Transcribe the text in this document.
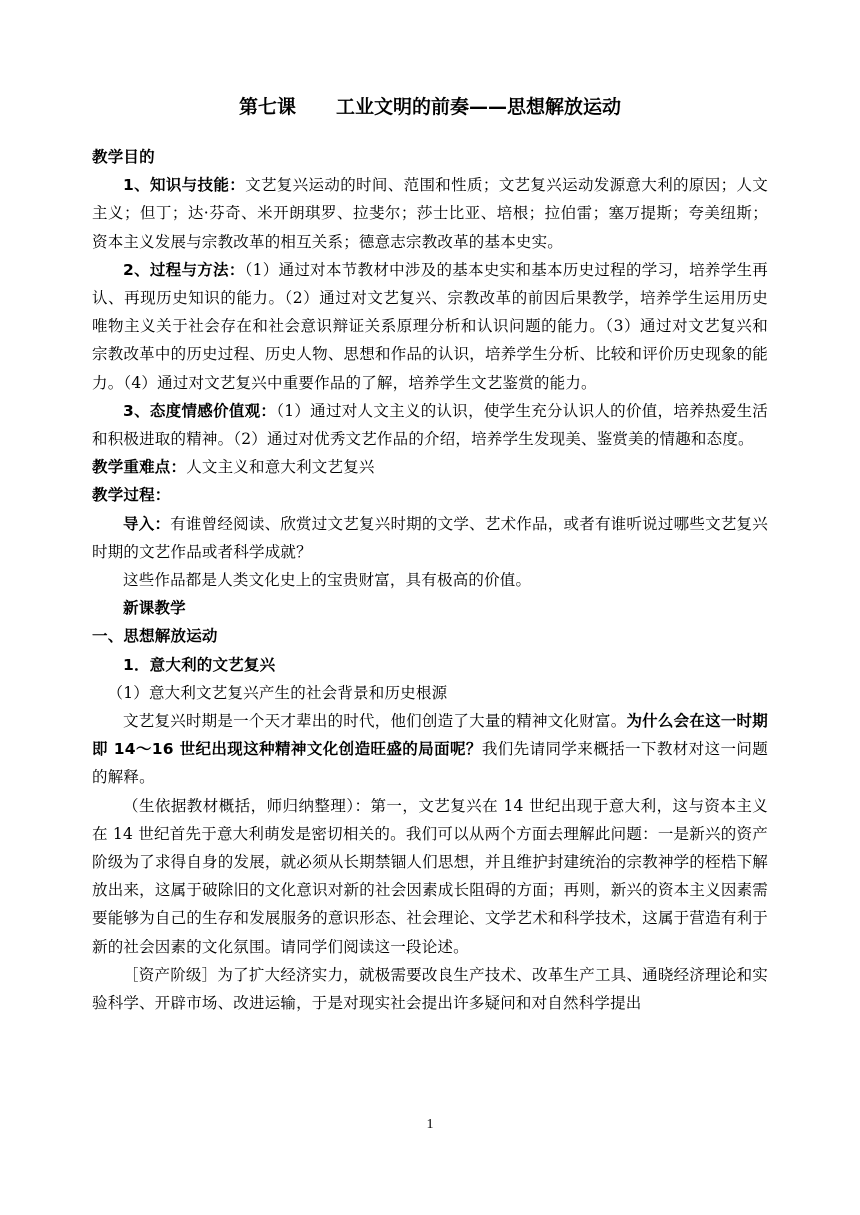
第七课 工业文明的前奏——思想解放运动

教学目的

1、知识与技能：文艺复兴运动的时间、范围和性质；文艺复兴运动发源意大利的原因；人文主义；但丁；达·芬奇、米开朗琪罗、拉斐尔；莎士比亚、培根；拉伯雷；塞万提斯；夸美纽斯；资本主义发展与宗教改革的相互关系；德意志宗教改革的基本史实。

2、过程与方法：（1）通过对本节教材中涉及的基本史实和基本历史过程的学习，培养学生再认、再现历史知识的能力。（2）通过对文艺复兴、宗教改革的前因后果教学，培养学生运用历史唯物主义关于社会存在和社会意识辩证关系原理分析和认识问题的能力。（3）通过对文艺复兴和宗教改革中的历史过程、历史人物、思想和作品的认识，培养学生分析、比较和评价历史现象的能力。（4）通过对文艺复兴中重要作品的了解，培养学生文艺鉴赏的能力。

3、态度情感价值观：（1）通过对人文主义的认识，使学生充分认识人的价值，培养热爱生活和积极进取的精神。（2）通过对优秀文艺作品的介绍，培养学生发现美、鉴赏美的情趣和态度。

教学重难点：人文主义和意大利文艺复兴

教学过程：

导入：有谁曾经阅读、欣赏过文艺复兴时期的文学、艺术作品，或者有谁听说过哪些文艺复兴时期的文艺作品或者科学成就？

这些作品都是人类文化史上的宝贵财富，具有极高的价值。

新课教学

一、思想解放运动

1．意大利的文艺复兴

（1）意大利文艺复兴产生的社会背景和历史根源

文艺复兴时期是一个天才辈出的时代，他们创造了大量的精神文化财富。为什么会在这一时期即 14～16 世纪出现这种精神文化创造旺盛的局面呢？我们先请同学来概括一下教材对这一问题的解释。

（生依据教材概括，师归纳整理）：第一，文艺复兴在 14 世纪出现于意大利，这与资本主义在 14 世纪首先于意大利萌发是密切相关的。我们可以从两个方面去理解此问题：一是新兴的资产阶级为了求得自身的发展，就必须从长期禁锢人们思想，并且维护封建统治的宗教神学的桎梏下解放出来，这属于破除旧的文化意识对新的社会因素成长阻碍的方面；再则，新兴的资本主义因素需要能够为自己的生存和发展服务的意识形态、社会理论、文学艺术和科学技术，这属于营造有利于新的社会因素的文化氛围。请同学们阅读这一段论述。

［资产阶级］为了扩大经济实力，就极需要改良生产技术、改革生产工具、通晓经济理论和实验科学、开辟市场、改进运输，于是对现实社会提出许多疑问和对自然科学提出

1
